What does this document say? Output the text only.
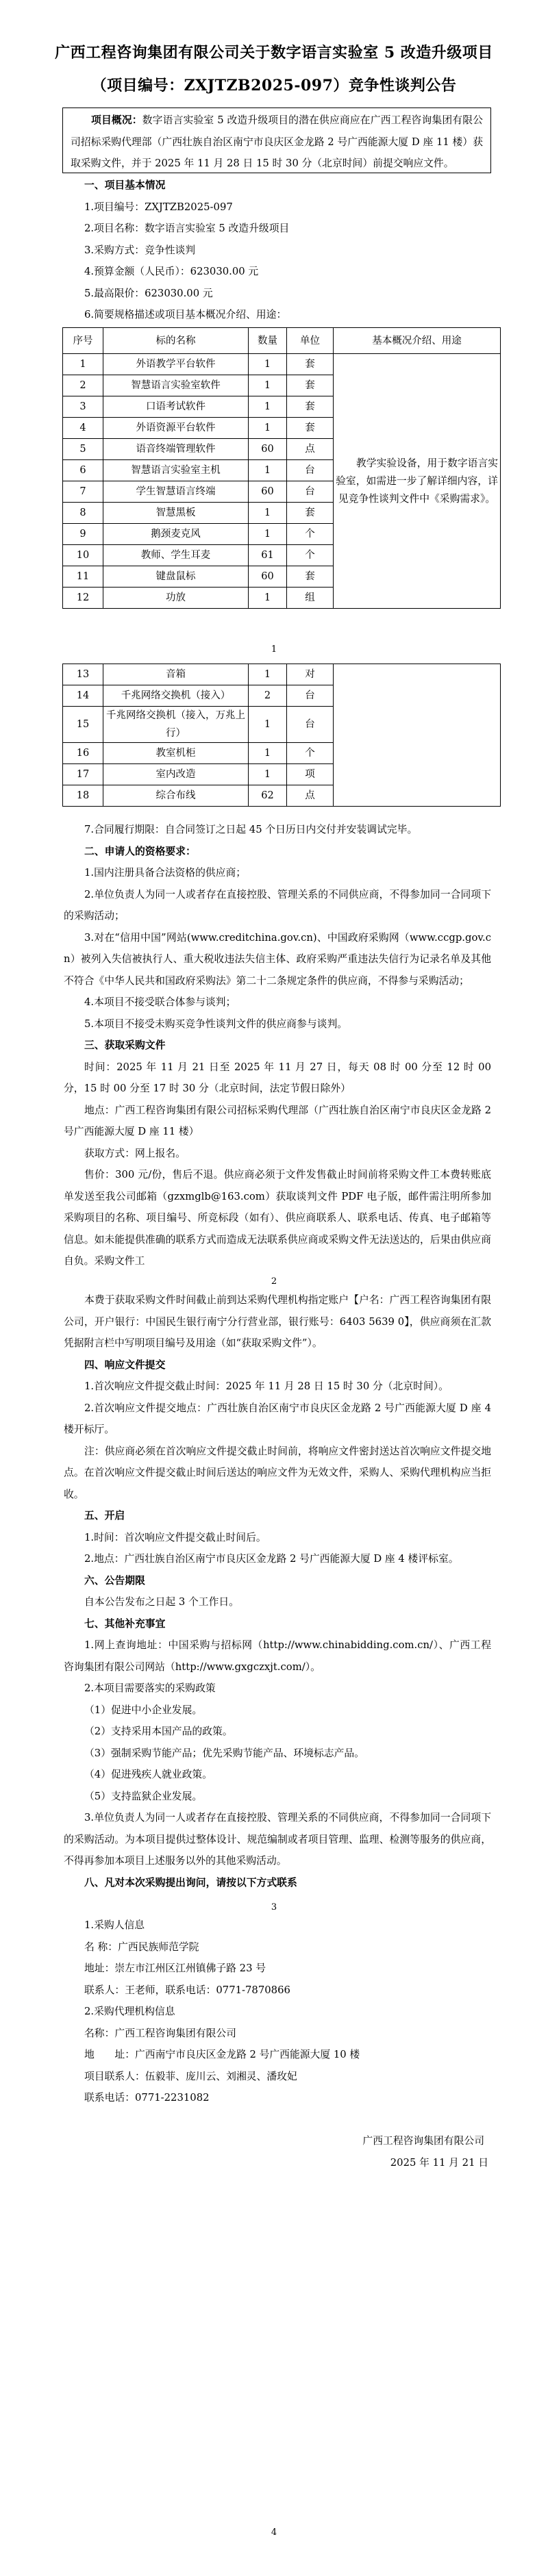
广西工程咨询集团有限公司关于数字语言实验室 5 改造升级项目
（项目编号：ZXJTZB2025-097）竞争性谈判公告

项目概况：数字语言实验室 5 改造升级项目的潜在供应商应在广西工程咨询集团有限公司招标采购代理部（广西壮族自治区南宁市良庆区金龙路 2 号广西能源大厦 D 座 11 楼）获取采购文件，并于 2025 年 11 月 28 日 15 时 30 分（北京时间）前提交响应文件。

一、项目基本情况

1.项目编号：ZXJTZB2025-097

2.项目名称：数字语言实验室 5 改造升级项目

3.采购方式：竞争性谈判

4.预算金额（人民币）：623030.00 元

5.最高限价：623030.00 元

6.简要规格描述或项目基本概况介绍、用途：

序号	标的名称	数量	单位	基本概况介绍、用途
1	外语教学平台软件	1	套	教学实验设备，用于数字语言实验室，如需进一步了解详细内容，详见竞争性谈判文件中《采购需求》。
2	智慧语言实验室软件	1	套	
3	口语考试软件	1	套	
4	外语资源平台软件	1	套	
5	语音终端管理软件	60	点	
6	智慧语言实验室主机	1	台	
7	学生智慧语言终端	60	台	
8	智慧黑板	1	套	
9	鹅颈麦克风	1	个	
10	教师、学生耳麦	61	个	
11	键盘鼠标	60	套	
12	功放	1	组	
1
13	音箱	1	对	
14	千兆网络交换机（接入）	2	台	
15	千兆网络交换机（接入，万兆上行）	1	台	
16	教室机柜	1	个	
17	室内改造	1	项	
18	综合布线	62	点	

7.合同履行期限：自合同签订之日起 45 个日历日内交付并安装调试完毕。

二、申请人的资格要求：

1.国内注册具备合法资格的供应商；

2.单位负责人为同一人或者存在直接控股、管理关系的不同供应商，不得参加同一合同项下的采购活动；

3.对在“信用中国”网站(www.creditchina.gov.cn)、中国政府采购网（www.ccgp.gov.cn）被列入失信被执行人、重大税收违法失信主体、政府采购严重违法失信行为记录名单及其他不符合《中华人民共和国政府采购法》第二十二条规定条件的供应商，不得参与采购活动；

4.本项目不接受联合体参与谈判；

5.本项目不接受未购买竞争性谈判文件的供应商参与谈判。

三、获取采购文件

时间：2025 年 11 月 21 日至 2025 年 11 月 27 日，每天 08 时 00 分至 12 时 00 分，15 时 00 分至 17 时 30 分（北京时间，法定节假日除外）

地点：广西工程咨询集团有限公司招标采购代理部（广西壮族自治区南宁市良庆区金龙路 2 号广西能源大厦 D 座 11 楼）

获取方式：网上报名。

售价：300 元/份，售后不退。供应商必须于文件发售截止时间前将采购文件工本费转账底单发送至我公司邮箱（gzxmglb@163.com）获取谈判文件 PDF 电子版，邮件需注明所参加采购项目的名称、项目编号、所竞标段（如有）、供应商联系人、联系电话、传真、电子邮箱等信息。如未能提供准确的联系方式而造成无法联系供应商或采购文件无法送达的，后果由供应商自负。采购文件工

2

本费于获取采购文件时间截止前到达采购代理机构指定账户【户名：广西工程咨询集团有限公司，开户银行：中国民生银行南宁分行营业部，银行账号：6403 5639 0】，供应商须在汇款凭据附言栏中写明项目编号及用途（如“获取采购文件”）。

四、响应文件提交

1.首次响应文件提交截止时间：2025 年 11 月 28 日 15 时 30 分（北京时间）。

2.首次响应文件提交地点：广西壮族自治区南宁市良庆区金龙路 2 号广西能源大厦 D 座 4 楼开标厅。

注：供应商必须在首次响应文件提交截止时间前，将响应文件密封送达首次响应文件提交地点。在首次响应文件提交截止时间后送达的响应文件为无效文件，采购人、采购代理机构应当拒收。

五、开启

1.时间：首次响应文件提交截止时间后。

2.地点：广西壮族自治区南宁市良庆区金龙路 2 号广西能源大厦 D 座 4 楼评标室。

六、公告期限

自本公告发布之日起 3 个工作日。

七、其他补充事宜

1.网上查询地址：中国采购与招标网（http://www.chinabidding.com.cn/）、广西工程咨询集团有限公司网站（http://www.gxgczxjt.com/）。

2.本项目需要落实的采购政策

（1）促进中小企业发展。

（2）支持采用本国产品的政策。

（3）强制采购节能产品；优先采购节能产品、环境标志产品。

（4）促进残疾人就业政策。

（5）支持监狱企业发展。

3.单位负责人为同一人或者存在直接控股、管理关系的不同供应商，不得参加同一合同项下的采购活动。为本项目提供过整体设计、规范编制或者项目管理、监理、检测等服务的供应商，不得再参加本项目上述服务以外的其他采购活动。

八、凡对本次采购提出询问，请按以下方式联系

3

1.采购人信息

名 称：广西民族师范学院

地址：崇左市江州区江州镇佛子路 23 号

联系人：王老师，联系电话：0771-7870866

2.采购代理机构信息

名称：广西工程咨询集团有限公司

地　　址：广西南宁市良庆区金龙路 2 号广西能源大厦 10 楼

项目联系人：伍毅菲、庞川云、刘湘灵、潘玫妃

联系电话：0771-2231082

广西工程咨询集团有限公司
2025 年 11 月 21 日
4
